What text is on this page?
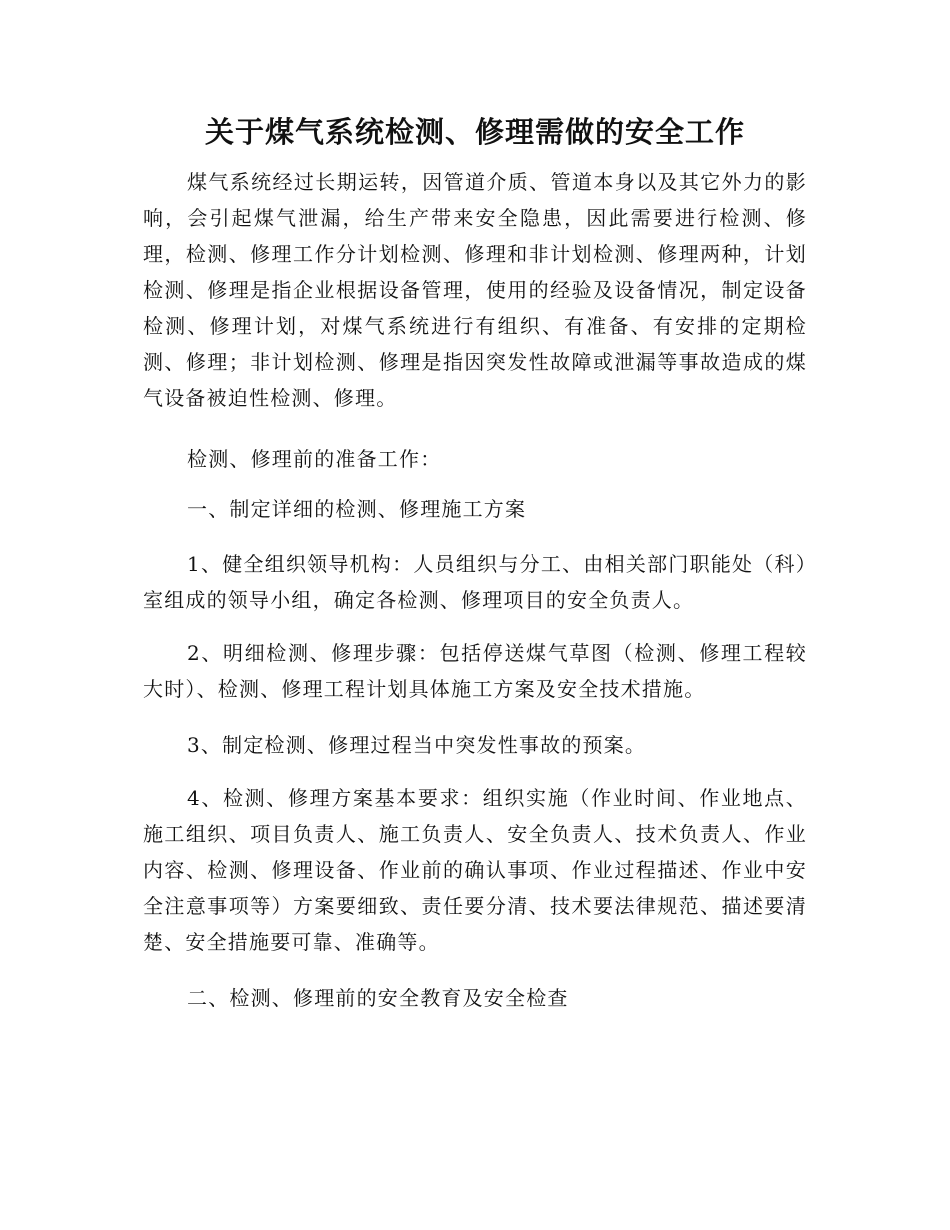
关于煤气系统检测、修理需做的安全工作

煤气系统经过长期运转，因管道介质、管道本身以及其它外力的影响，会引起煤气泄漏，给生产带来安全隐患，因此需要进行检测、修理，检测、修理工作分计划检测、修理和非计划检测、修理两种，计划检测、修理是指企业根据设备管理，使用的经验及设备情况，制定设备检测、修理计划，对煤气系统进行有组织、有准备、有安排的定期检测、修理；非计划检测、修理是指因突发性故障或泄漏等事故造成的煤气设备被迫性检测、修理。

检测、修理前的准备工作：

一、制定详细的检测、修理施工方案

1、健全组织领导机构：人员组织与分工、由相关部门职能处（科）室组成的领导小组，确定各检测、修理项目的安全负责人。

2、明细检测、修理步骤：包括停送煤气草图（检测、修理工程较大时）、检测、修理工程计划具体施工方案及安全技术措施。

3、制定检测、修理过程当中突发性事故的预案。

4、检测、修理方案基本要求：组织实施（作业时间、作业地点、施工组织、项目负责人、施工负责人、安全负责人、技术负责人、作业内容、检测、修理设备、作业前的确认事项、作业过程描述、作业中安全注意事项等）方案要细致、责任要分清、技术要法律规范、描述要清楚、安全措施要可靠、准确等。

二、检测、修理前的安全教育及安全检查
